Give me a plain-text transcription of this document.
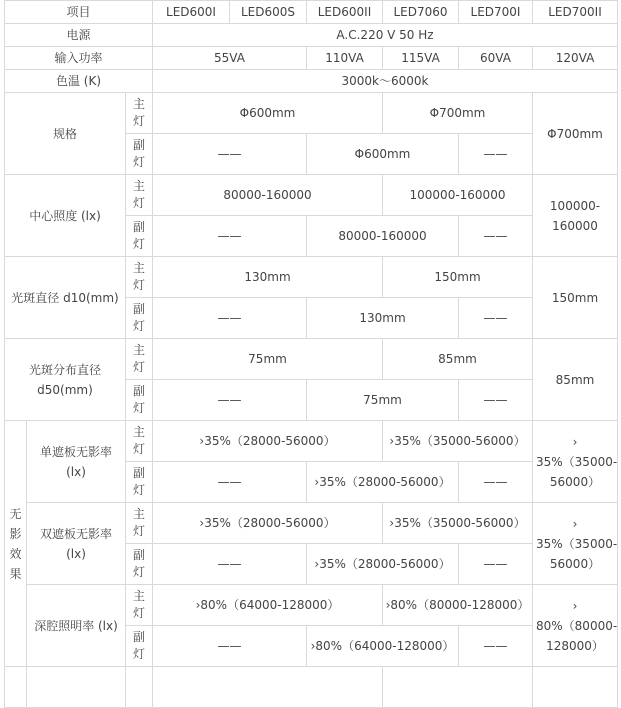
项目			LED600I	LED600S	LED600II	LED7060	LED700I	LED700II
电源			A.C.220 V 50 Hz					
输入功率			55VA		110VA	115VA	60VA	120VA
色温 (K)			3000k～6000k					
规格		主灯	Φ600mm			Φ700mm		Φ700mm
		副灯	——		Φ600mm		——	
中心照度 (lx)		主灯	80000-160000			100000-160000		100000-160000
		副灯	——		80000-160000		——	
光斑直径 d10(mm)		主灯	130mm			150mm		150mm
		副灯	——		130mm		——	
光斑分布直径 d50(mm)		主灯	75mm			85mm		85mm
		副灯	——		75mm		——	
无影效果	单遮板无影率 (lx)	主灯	›35%（28000-56000）			›35%（35000-56000）		› 35%（35000-56000）
		副灯	——		›35%（28000-56000）		——	
	双遮板无影率 (lx)	主灯	›35%（28000-56000）			›35%（35000-56000）		› 35%（35000-56000）
		副灯	——		›35%（28000-56000）		——	
	深腔照明率 (lx)	主灯	›80%（64000-128000）			›80%（80000-128000）		› 80%（80000-128000）
		副灯	——		›80%（64000-128000）		——	
